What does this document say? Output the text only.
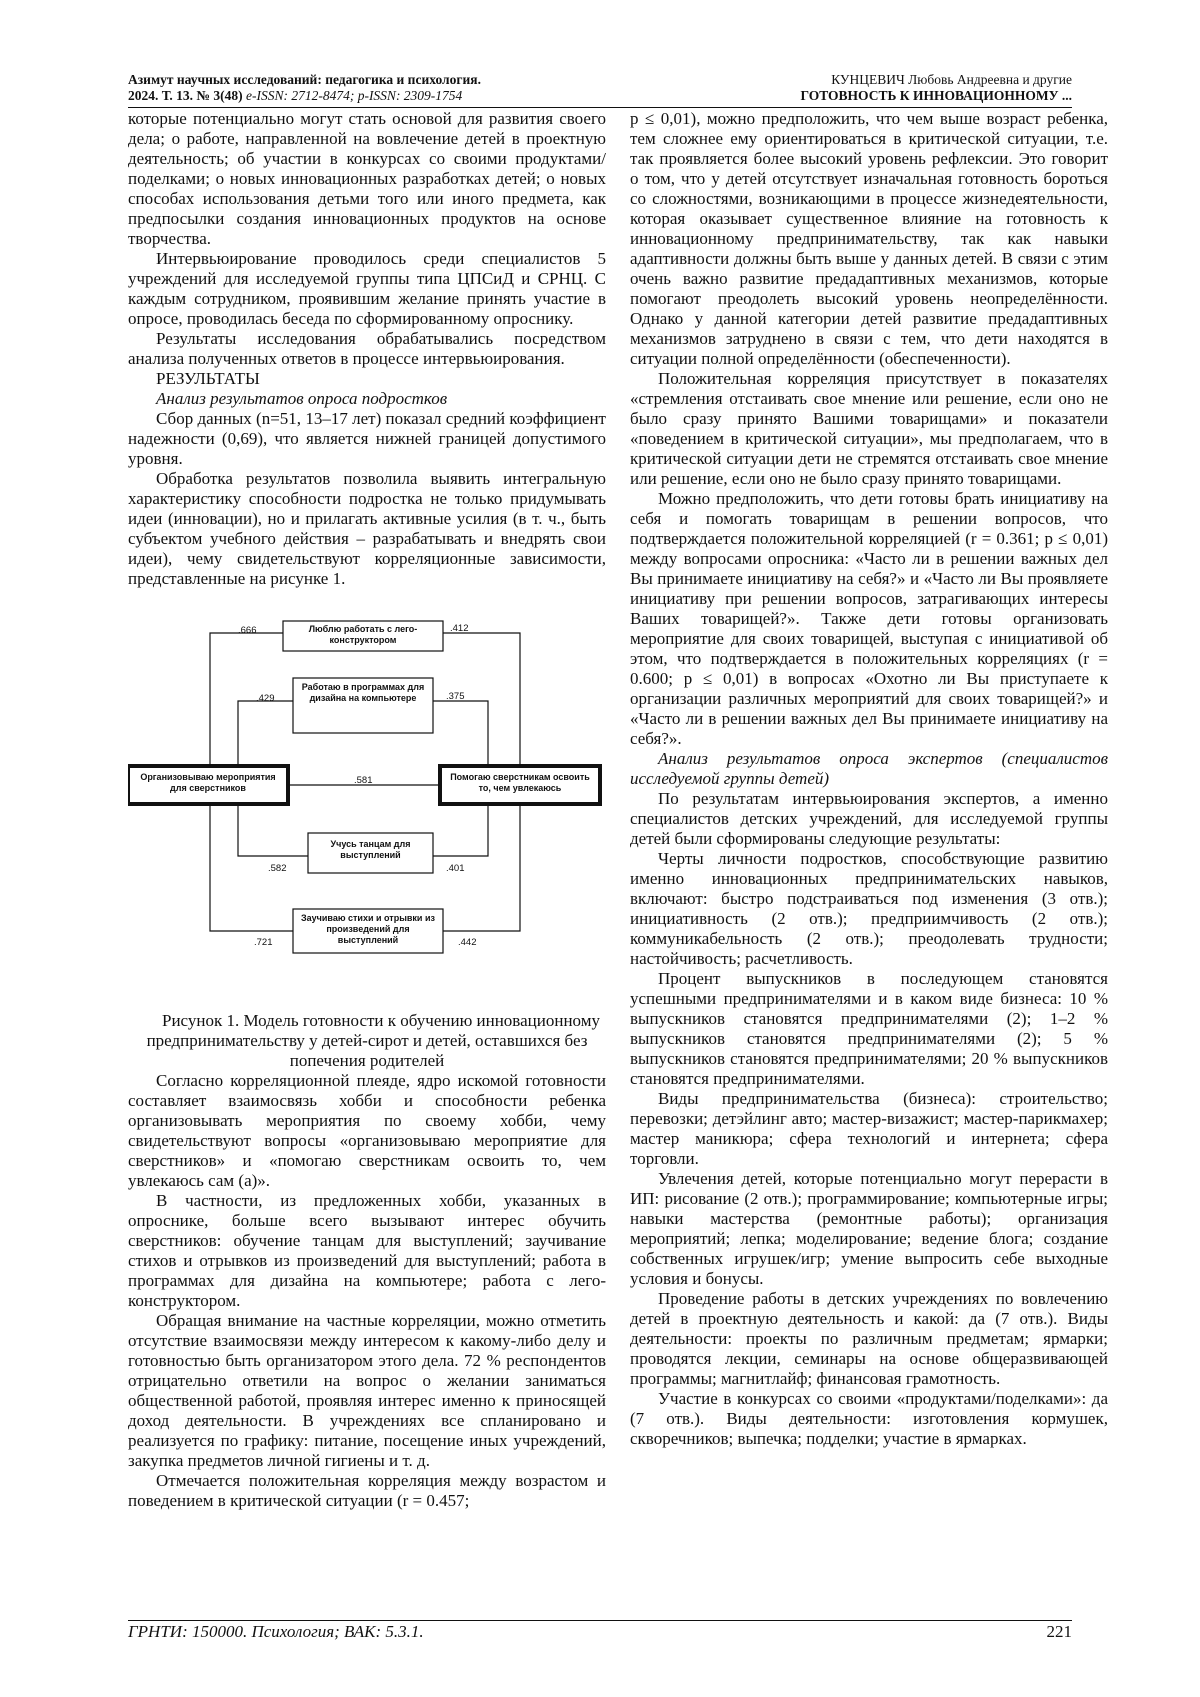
Азимут научных исследований: педагогика и психология.
2024. Т. 13. № 3(48) e-ISSN: 2712-8474; p-ISSN: 2309-1754
КУНЦЕВИЧ Любовь Андреевна и другие
ГОТОВНОСТЬ К ИННОВАЦИОННОМУ ...

которые потенциально могут стать основой для развития своего дела; о работе, направленной на вовлечение детей в проектную деятельность; об участии в конкурсах со своими продуктами/поделками; о новых инновационных разработках детей; о новых способах использования детьми того или иного предмета, как предпосылки создания инновационных продуктов на основе творчества.

Интервьюирование проводилось среди специалистов 5 учреждений для исследуемой группы типа ЦПСиД и СРНЦ. С каждым сотрудником, проявившим желание принять участие в опросе, проводилась беседа по сформированному опроснику.

Результаты исследования обрабатывались посредством анализа полученных ответов в процессе интервьюирования.

РЕЗУЛЬТАТЫ

Анализ результатов опроса подростков

Сбор данных (n=51, 13–17 лет) показал средний коэффициент надежности (0,69), что является нижней границей допустимого уровня.

Обработка результатов позволила выявить интегральную характеристику способности подростка не только придумывать идеи (инновации), но и прилагать активные усилия (в т. ч., быть субъектом учебного действия – разрабатывать и внедрять свои идеи), чему свидетельствуют корреляционные зависимости, представленные на рисунке 1.

Люблю работать с лего-конструктором
Работаю в программах для дизайна на компьютере
Организовываю мероприятия для сверстников
Помогаю сверстникам освоить то, чем увлекаюсь
Учусь танцам для выступлений
Заучиваю стихи и отрывки из произведений для выступлений
.666	.412
.429	.375
.581
.582	.401
.721	.442

Рисунок 1. Модель готовности к обучению инновационному предпринимательству у детей-сирот и детей, оставшихся без попечения родителей

Согласно корреляционной плеяде, ядро искомой готовности составляет взаимосвязь хобби и способности ребенка организовывать мероприятия по своему хобби, чему свидетельствуют вопросы «организовываю мероприятие для сверстников» и «помогаю сверстникам освоить то, чем увлекаюсь сам (а)».

В частности, из предложенных хобби, указанных в опроснике, больше всего вызывают интерес обучить сверстников: обучение танцам для выступлений; заучивание стихов и отрывков из произведений для выступлений; работа в программах для дизайна на компьютере; работа с лего-конструктором.

Обращая внимание на частные корреляции, можно отметить отсутствие взаимосвязи между интересом к какому-либо делу и готовностью быть организатором этого дела. 72 % респондентов отрицательно ответили на вопрос о желании заниматься общественной работой, проявляя интерес именно к приносящей доход деятельности. В учреждениях все спланировано и реализуется по графику: питание, посещение иных учреждений, закупка предметов личной гигиены и т. д.

Отмечается положительная корреляция между возрастом и поведением в критической ситуации (r = 0.457;

p ≤ 0,01), можно предположить, что чем выше возраст ребенка, тем сложнее ему ориентироваться в критической ситуации, т.е. так проявляется более высокий уровень рефлексии. Это говорит о том, что у детей отсутствует изначальная готовность бороться со сложностями, возникающими в процессе жизнедеятельности, которая оказывает существенное влияние на готовность к инновационному предпринимательству, так как навыки адаптивности должны быть выше у данных детей. В связи с этим очень важно развитие предадаптивных механизмов, которые помогают преодолеть высокий уровень неопределённости. Однако у данной категории детей развитие предадаптивных механизмов затруднено в связи с тем, что дети находятся в ситуации полной определённости (обеспеченности).

Положительная корреляция присутствует в показателях «стремления отстаивать свое мнение или решение, если оно не было сразу принято Вашими товарищами» и показатели «поведением в критической ситуации», мы предполагаем, что в критической ситуации дети не стремятся отстаивать свое мнение или решение, если оно не было сразу принято товарищами.

Можно предположить, что дети готовы брать инициативу на себя и помогать товарищам в решении вопросов, что подтверждается положительной корреляцией (r = 0.361; p ≤ 0,01) между вопросами опросника: «Часто ли в решении важных дел Вы принимаете инициативу на себя?» и «Часто ли Вы проявляете инициативу при решении вопросов, затрагивающих интересы Ваших товарищей?». Также дети готовы организовать мероприятие для своих товарищей, выступая с инициативой об этом, что подтверждается в положительных корреляциях (r = 0.600; p ≤ 0,01) в вопросах «Охотно ли Вы приступаете к организации различных мероприятий для своих товарищей?» и «Часто ли в решении важных дел Вы принимаете инициативу на себя?».

Анализ результатов опроса экспертов (специалистов исследуемой группы детей)

По результатам интервьюирования экспертов, а именно специалистов детских учреждений, для исследуемой группы детей были сформированы следующие результаты:

Черты личности подростков, способствующие развитию именно инновационных предпринимательских навыков, включают: быстро подстраиваться под изменения (3 отв.); инициативность (2 отв.); предприимчивость (2 отв.); коммуникабельность (2 отв.); преодолевать трудности; настойчивость; расчетливость.

Процент выпускников в последующем становятся успешными предпринимателями и в каком виде бизнеса: 10 % выпускников становятся предпринимателями (2); 1–2 % выпускников становятся предпринимателями (2); 5 % выпускников становятся предпринимателями; 20 % выпускников становятся предпринимателями.

Виды предпринимательства (бизнеса): строительство; перевозки; детэйлинг авто; мастер-визажист; мастер-парикмахер; мастер маникюра; сфера технологий и интернета; сфера торговли.

Увлечения детей, которые потенциально могут перерасти в ИП: рисование (2 отв.); программирование; компьютерные игры; навыки мастерства (ремонтные работы); организация мероприятий; лепка; моделирование; ведение блога; создание собственных игрушек/игр; умение выпросить себе выходные условия и бонусы.

Проведение работы в детских учреждениях по вовлечению детей в проектную деятельность и какой: да (7 отв.). Виды деятельности: проекты по различным предметам; ярмарки; проводятся лекции, семинары на основе общеразвивающей программы; магнитлайф; финансовая грамотность.

Участие в конкурсах со своими «продуктами/поделками»: да (7 отв.). Виды деятельности: изготовления кормушек, скворечников; выпечка; подделки; участие в ярмарках.

ГРНТИ: 150000. Психология; ВАК: 5.3.1.	221
